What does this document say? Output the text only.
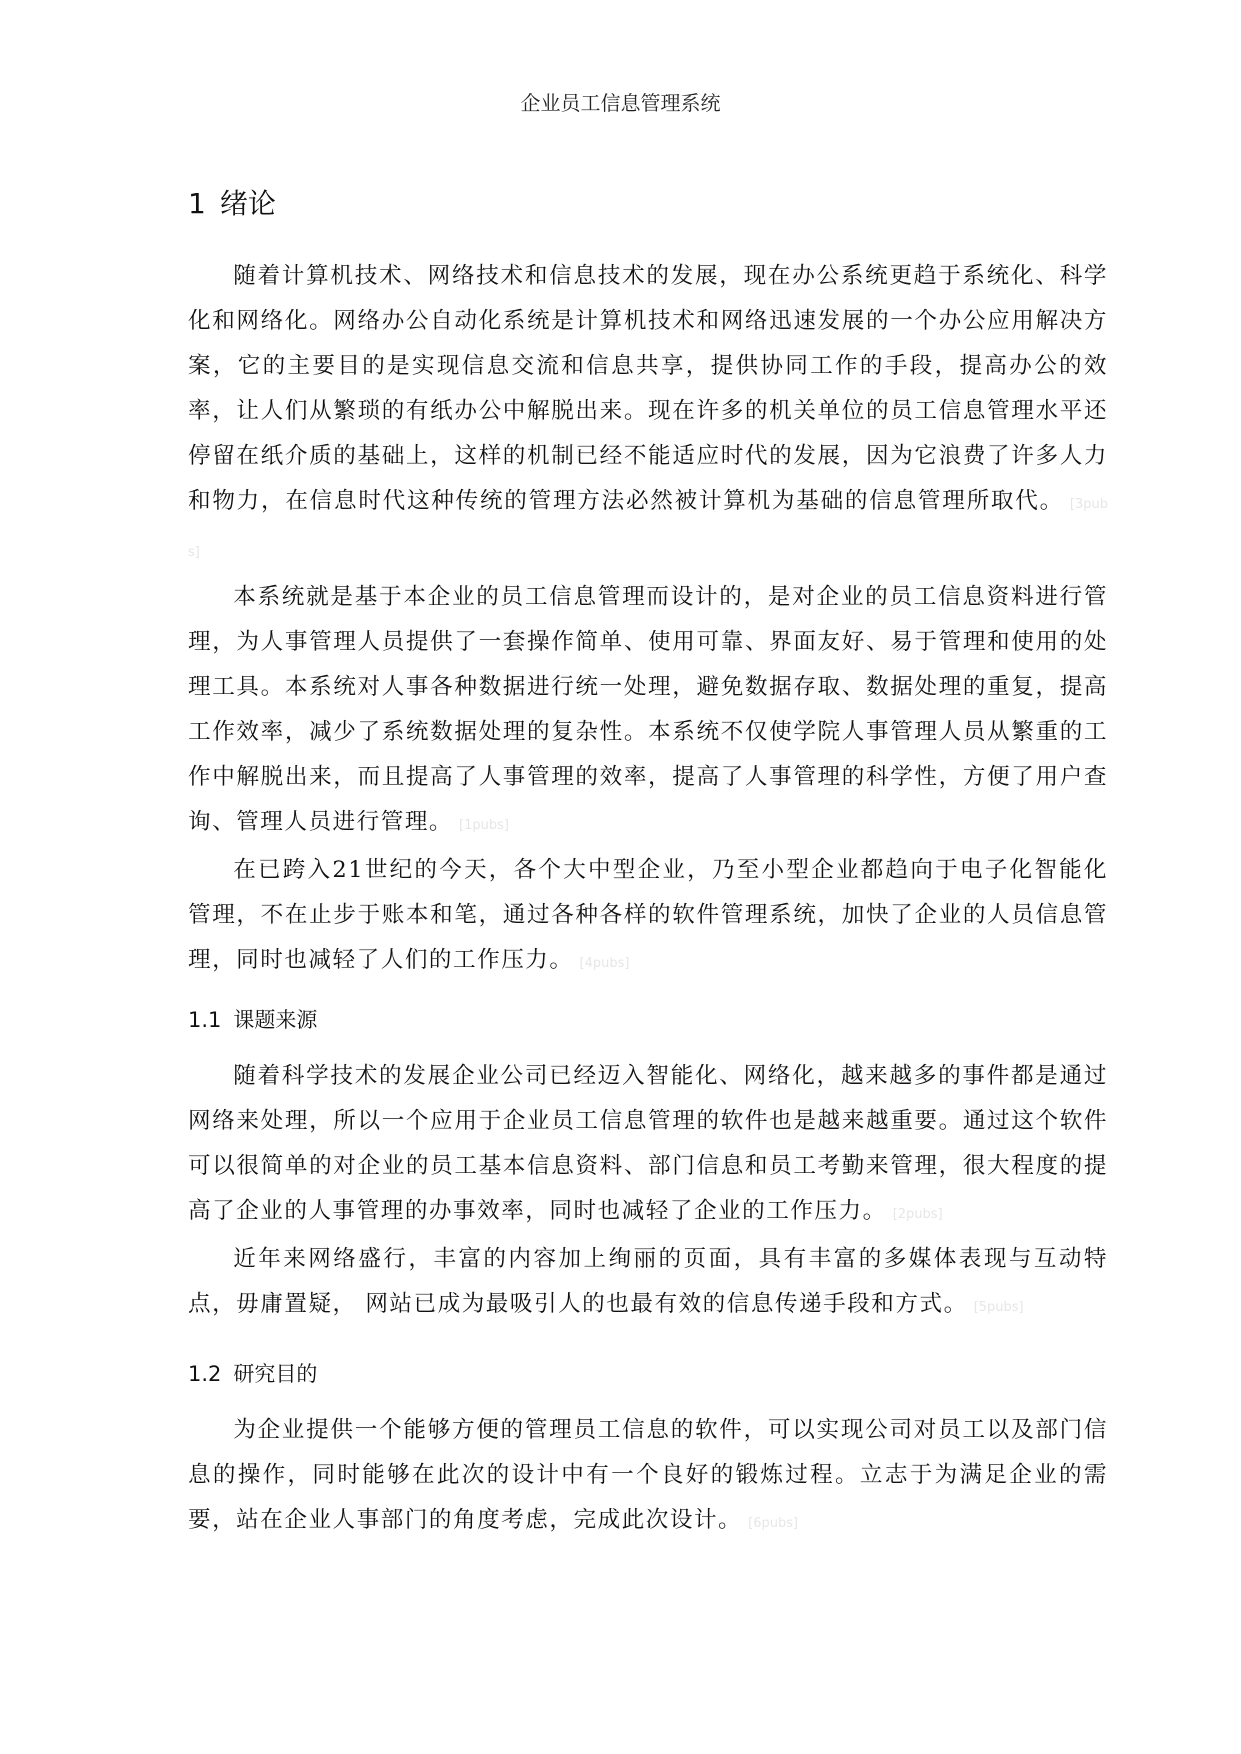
企业员工信息管理系统
1 绪论

随着计算机技术、网络技术和信息技术的发展，现在办公系统更趋于系统化、科学化和网络化。网络办公自动化系统是计算机技术和网络迅速发展的一个办公应用解决方案，它的主要目的是实现信息交流和信息共享，提供协同工作的手段，提高办公的效率，让人们从繁琐的有纸办公中解脱出来。现在许多的机关单位的员工信息管理水平还停留在纸介质的基础上，这样的机制已经不能适应时代的发展，因为它浪费了许多人力和物力，在信息时代这种传统的管理方法必然被计算机为基础的信息管理所取代。 [3pubs]

本系统就是基于本企业的员工信息管理而设计的，是对企业的员工信息资料进行管理，为人事管理人员提供了一套操作简单、使用可靠、界面友好、易于管理和使用的处理工具。本系统对人事各种数据进行统一处理，避免数据存取、数据处理的重复，提高工作效率，减少了系统数据处理的复杂性。本系统不仅使学院人事管理人员从繁重的工作中解脱出来，而且提高了人事管理的效率，提高了人事管理的科学性，方便了用户查询、管理人员进行管理。 [1pubs]

在已跨入21世纪的今天，各个大中型企业，乃至小型企业都趋向于电子化智能化管理，不在止步于账本和笔，通过各种各样的软件管理系统，加快了企业的人员信息管理，同时也减轻了人们的工作压力。 [4pubs]

1.1 课题来源

随着科学技术的发展企业公司已经迈入智能化、网络化，越来越多的事件都是通过网络来处理，所以一个应用于企业员工信息管理的软件也是越来越重要。通过这个软件可以很简单的对企业的员工基本信息资料、部门信息和员工考勤来管理，很大程度的提高了企业的人事管理的办事效率，同时也减轻了企业的工作压力。 [2pubs]

近年来网络盛行，丰富的内容加上绚丽的页面，具有丰富的多媒体表现与互动特点，毋庸置疑， 网站已成为最吸引人的也最有效的信息传递手段和方式。 [5pubs]

1.2 研究目的

为企业提供一个能够方便的管理员工信息的软件，可以实现公司对员工以及部门信息的操作，同时能够在此次的设计中有一个良好的锻炼过程。立志于为满足企业的需要，站在企业人事部门的角度考虑，完成此次设计。 [6pubs]
